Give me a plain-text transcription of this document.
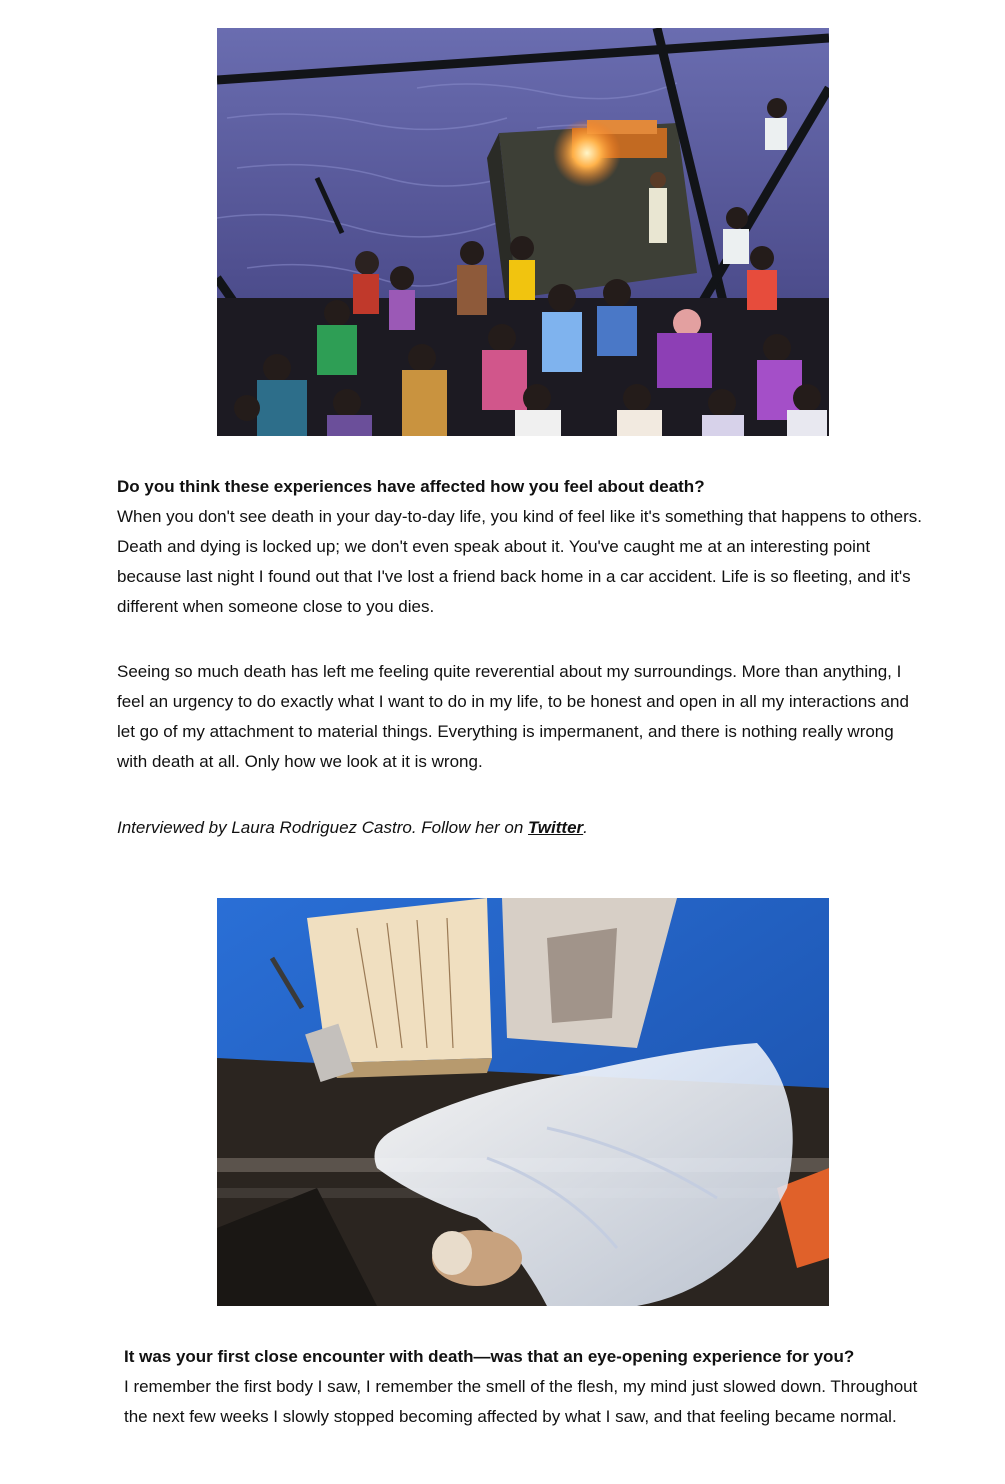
Do you think these experiences have affected how you feel about death?

When you don't see death in your day-to-day life, you kind of feel like it's something that happens to others. Death and dying is locked up; we don't even speak about it. You've caught me at an interesting point because last night I found out that I've lost a friend back home in a car accident. Life is so fleeting, and it's different when someone close to you dies.

Seeing so much death has left me feeling quite reverential about my surroundings. More than anything, I feel an urgency to do exactly what I want to do in my life, to be honest and open in all my interactions and let go of my attachment to material things. Everything is impermanent, and there is nothing really wrong with death at all. Only how we look at it is wrong.

Interviewed by Laura Rodriguez Castro. Follow her on Twitter.

It was your first close encounter with death—was that an eye-opening experience for you?

I remember the first body I saw, I remember the smell of the flesh, my mind just slowed down. Throughout the next few weeks I slowly stopped becoming affected by what I saw, and that feeling became normal.
